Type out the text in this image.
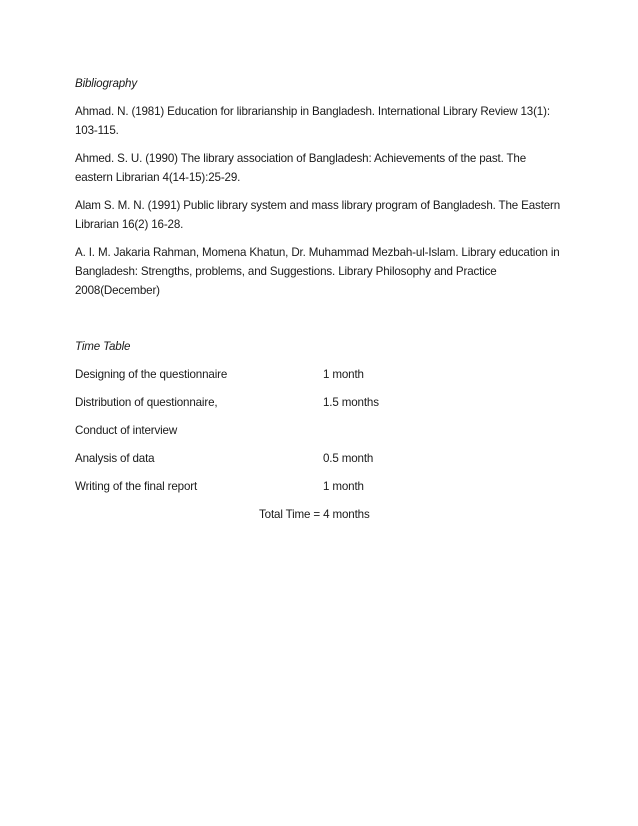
Bibliography
Ahmad. N. (1981) Education for librarianship in Bangladesh. International Library Review 13(1): 103-115.
Ahmed. S. U. (1990) The library association of Bangladesh: Achievements of the past. The eastern Librarian 4(14-15):25-29.
Alam S. M. N. (1991) Public library system and mass library program of Bangladesh. The Eastern Librarian 16(2) 16-28.
A. I. M. Jakaria Rahman, Momena Khatun, Dr. Muhammad Mezbah-ul-Islam. Library education in Bangladesh: Strengths, problems, and Suggestions. Library Philosophy and Practice 2008(December)
Time Table
Designing of the questionnaire	1 month
Distribution of questionnaire,	1.5 months
Conduct of interview
Analysis of data	0.5 month
Writing of the final report	1 month
Total Time = 4 months
